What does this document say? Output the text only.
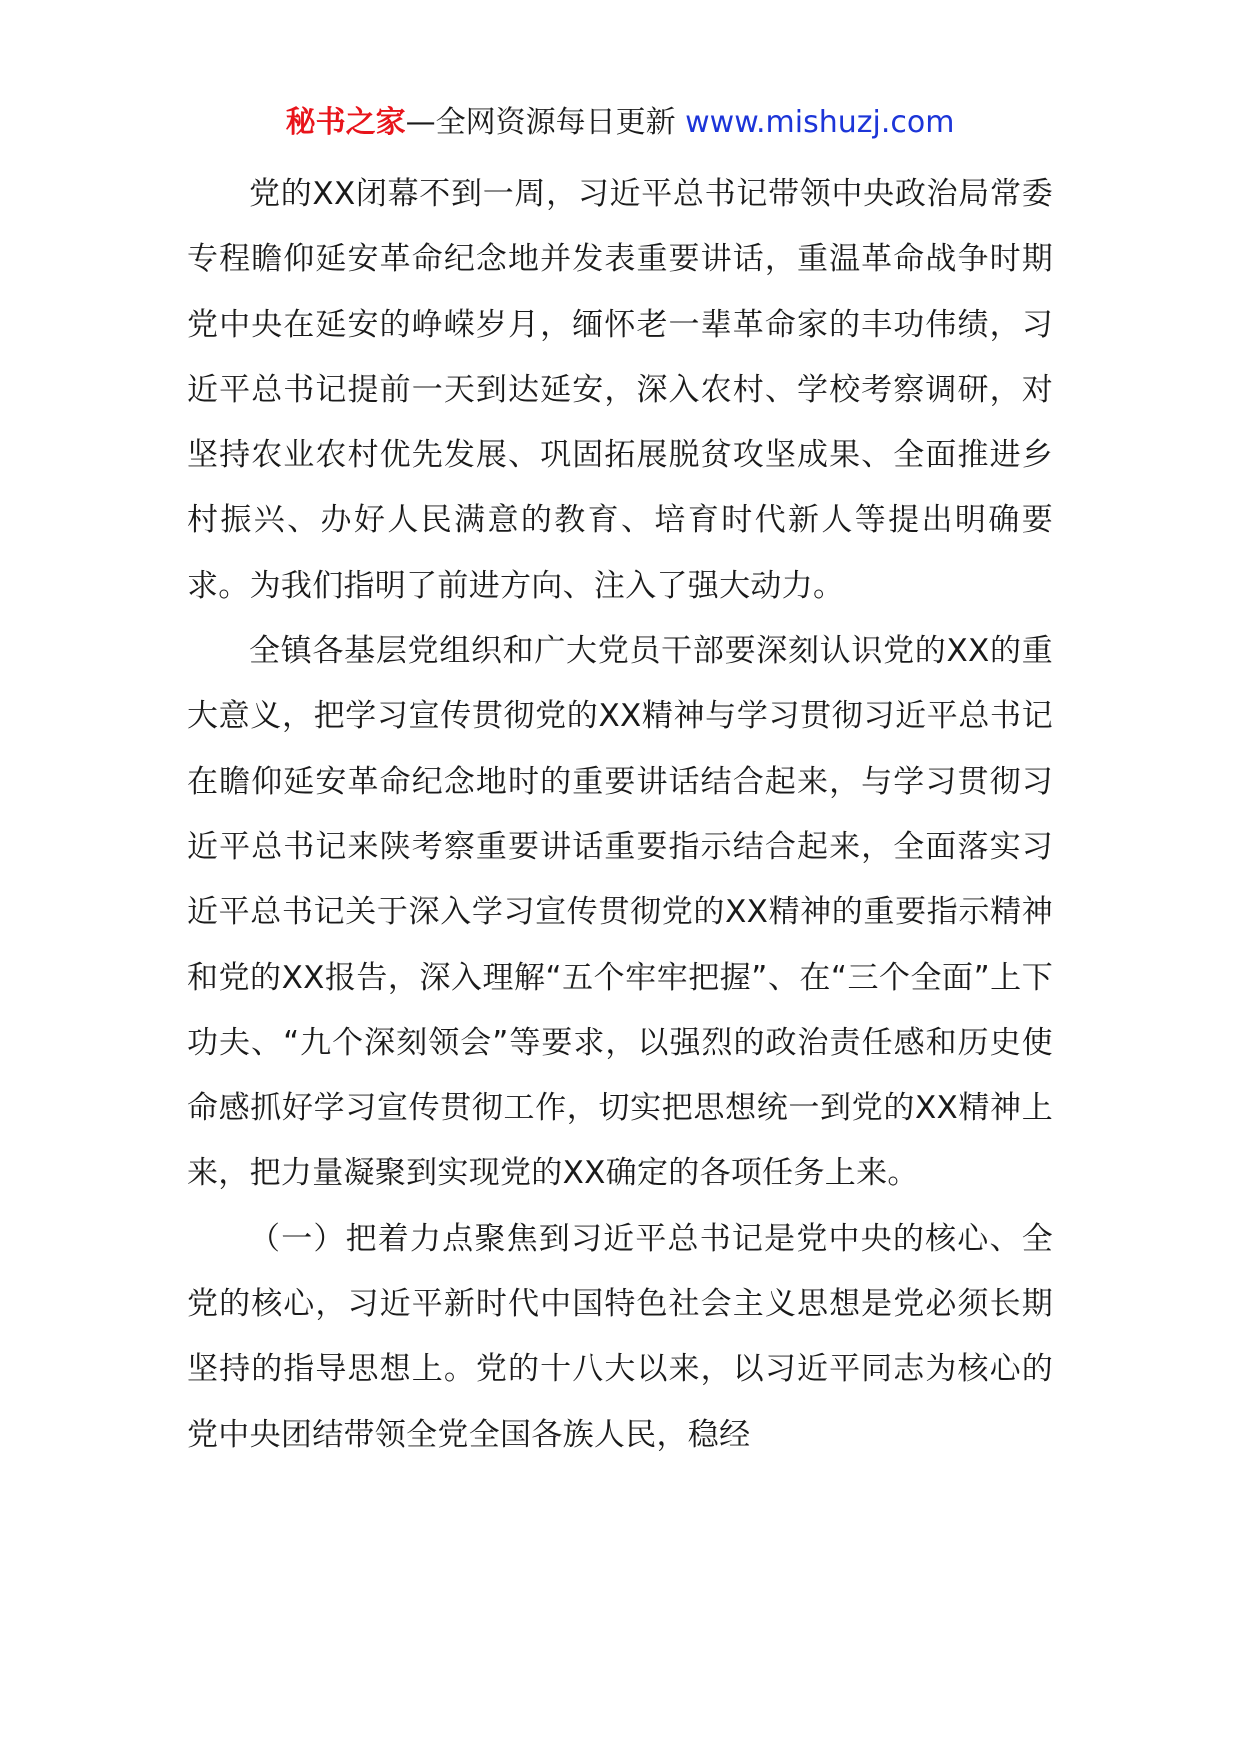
秘书之家—全网资源每日更新 www.mishuzj.com

党的XX闭幕不到一周，习近平总书记带领中央政治局常委专程瞻仰延安革命纪念地并发表重要讲话，重温革命战争时期党中央在延安的峥嵘岁月，缅怀老一辈革命家的丰功伟绩，习近平总书记提前一天到达延安，深入农村、学校考察调研，对坚持农业农村优先发展、巩固拓展脱贫攻坚成果、全面推进乡村振兴、办好人民满意的教育、培育时代新人等提出明确要求。为我们指明了前进方向、注入了强大动力。

全镇各基层党组织和广大党员干部要深刻认识党的XX的重大意义，把学习宣传贯彻党的XX精神与学习贯彻习近平总书记在瞻仰延安革命纪念地时的重要讲话结合起来，与学习贯彻习近平总书记来陕考察重要讲话重要指示结合起来，全面落实习近平总书记关于深入学习宣传贯彻党的XX精神的重要指示精神和党的XX报告，深入理解“五个牢牢把握”、在“三个全面”上下功夫、“九个深刻领会”等要求，以强烈的政治责任感和历史使命感抓好学习宣传贯彻工作，切实把思想统一到党的XX精神上来，把力量凝聚到实现党的XX确定的各项任务上来。

（一）把着力点聚焦到习近平总书记是党中央的核心、全党的核心，习近平新时代中国特色社会主义思想是党必须长期坚持的指导思想上。党的十八大以来，以习近平同志为核心的党中央团结带领全党全国各族人民，稳经
